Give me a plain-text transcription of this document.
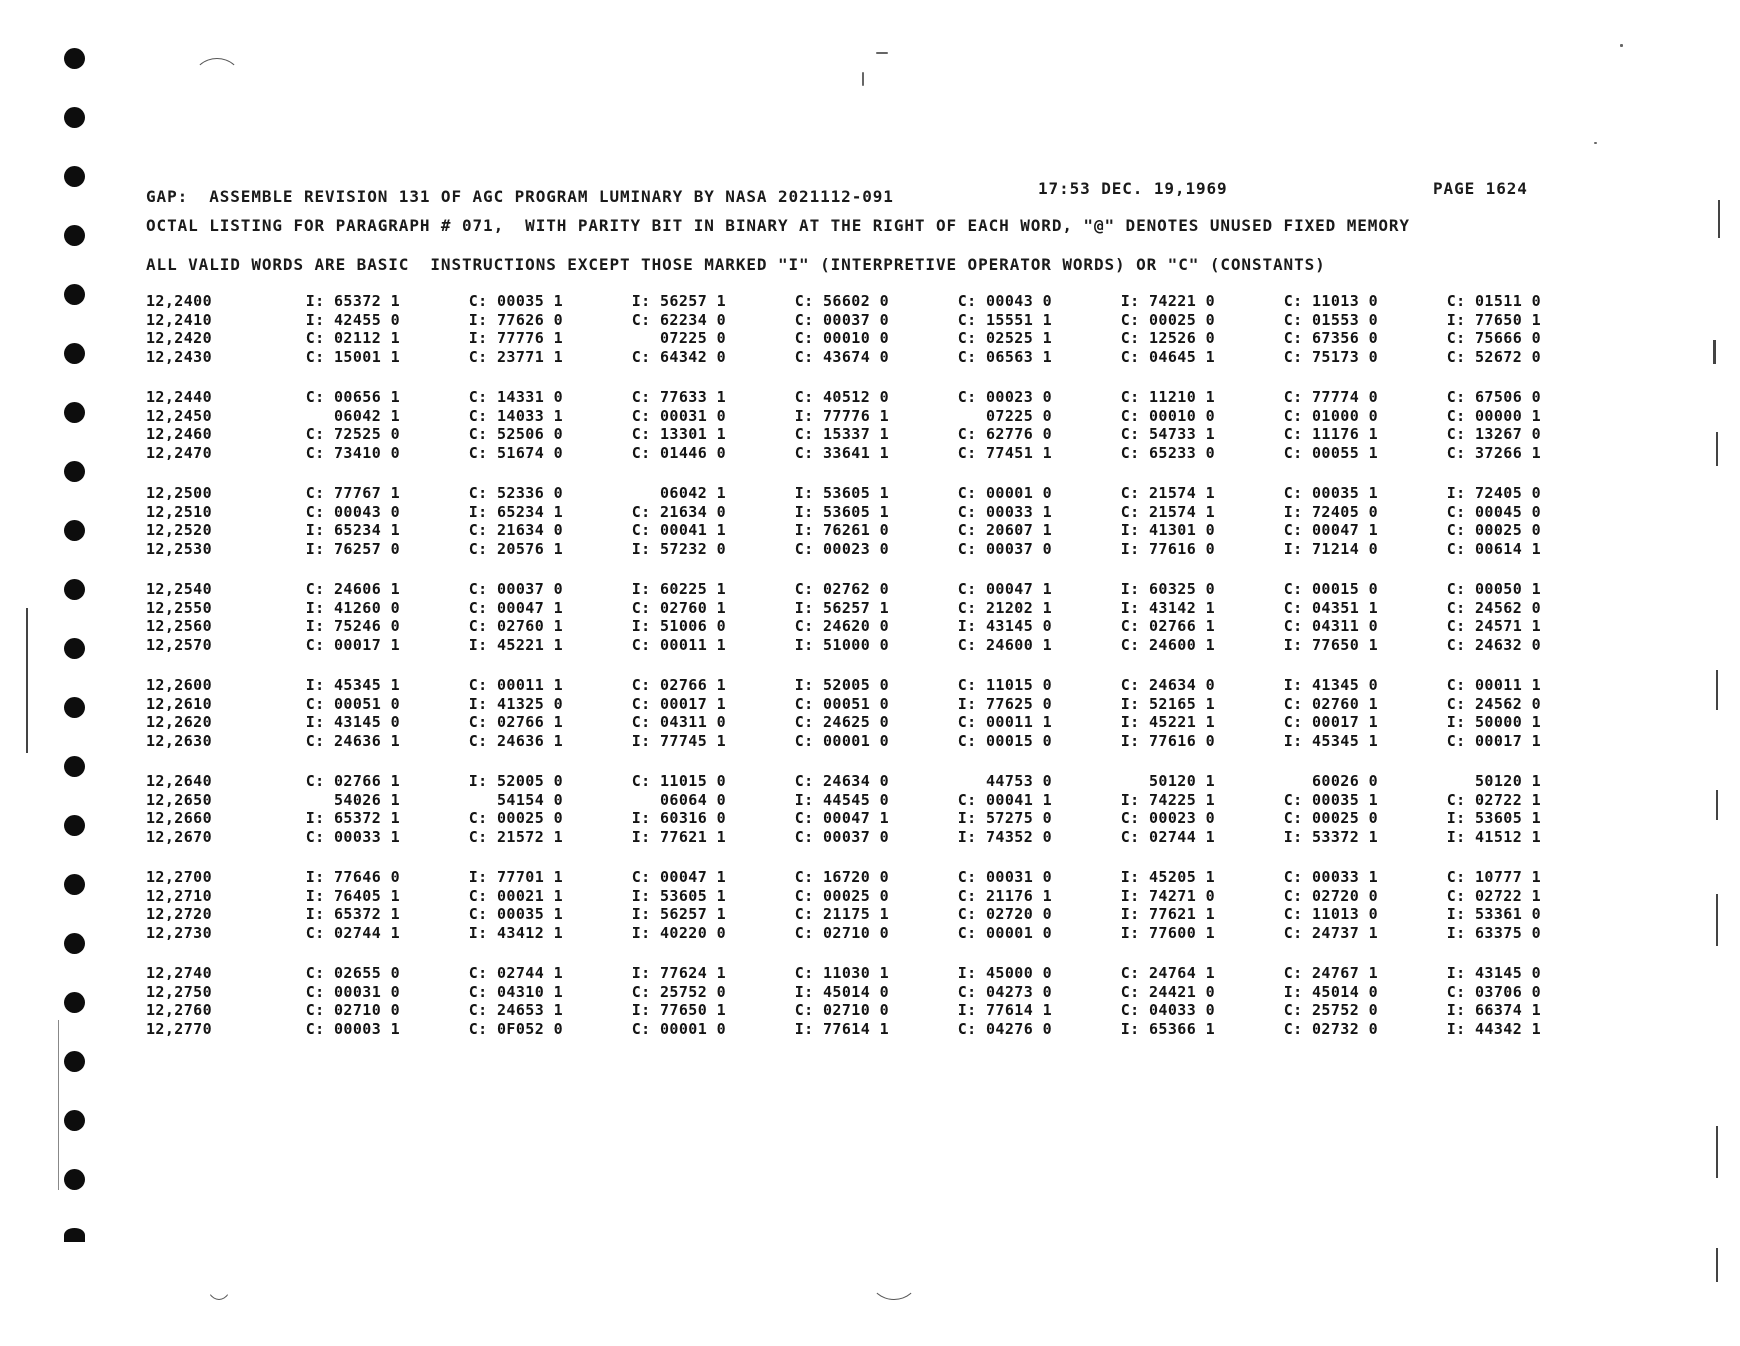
GAP:  ASSEMBLE REVISION 131 OF AGC PROGRAM LUMINARY BY NASA 2021112-091	17:53 DEC. 19,1969	PAGE 1624
OCTAL LISTING FOR PARAGRAPH # 071,  WITH PARITY BIT IN BINARY AT THE RIGHT OF EACH WORD, "@" DENOTES UNUSED FIXED MEMORY
ALL VALID WORDS ARE BASIC  INSTRUCTIONS EXCEPT THOSE MARKED "I" (INTERPRETIVE OPERATOR WORDS) OR "C" (CONSTANTS)
12,2400	I: 65372 1	C: 00035 1	I: 56257 1	C: 56602 0	C: 00043 0	I: 74221 0	C: 11013 0	C: 01511 0
12,2410	I: 42455 0	I: 77626 0	C: 62234 0	C: 00037 0	C: 15551 1	C: 00025 0	C: 01553 0	I: 77650 1
12,2420	C: 02112 1	I: 77776 1	07225 0	C: 00010 0	C: 02525 1	C: 12526 0	C: 67356 0	C: 75666 0
12,2430	C: 15001 1	C: 23771 1	C: 64342 0	C: 43674 0	C: 06563 1	C: 04645 1	C: 75173 0	C: 52672 0
12,2440	C: 00656 1	C: 14331 0	C: 77633 1	C: 40512 0	C: 00023 0	C: 11210 1	C: 77774 0	C: 67506 0
12,2450	06042 1	C: 14033 1	C: 00031 0	I: 77776 1	07225 0	C: 00010 0	C: 01000 0	C: 00000 1
12,2460	C: 72525 0	C: 52506 0	C: 13301 1	C: 15337 1	C: 62776 0	C: 54733 1	C: 11176 1	C: 13267 0
12,2470	C: 73410 0	C: 51674 0	C: 01446 0	C: 33641 1	C: 77451 1	C: 65233 0	C: 00055 1	C: 37266 1
12,2500	C: 77767 1	C: 52336 0	06042 1	I: 53605 1	C: 00001 0	C: 21574 1	C: 00035 1	I: 72405 0
12,2510	C: 00043 0	I: 65234 1	C: 21634 0	I: 53605 1	C: 00033 1	C: 21574 1	I: 72405 0	C: 00045 0
12,2520	I: 65234 1	C: 21634 0	C: 00041 1	I: 76261 0	C: 20607 1	I: 41301 0	C: 00047 1	C: 00025 0
12,2530	I: 76257 0	C: 20576 1	I: 57232 0	C: 00023 0	C: 00037 0	I: 77616 0	I: 71214 0	C: 00614 1
12,2540	C: 24606 1	C: 00037 0	I: 60225 1	C: 02762 0	C: 00047 1	I: 60325 0	C: 00015 0	C: 00050 1
12,2550	I: 41260 0	C: 00047 1	C: 02760 1	I: 56257 1	C: 21202 1	I: 43142 1	C: 04351 1	C: 24562 0
12,2560	I: 75246 0	C: 02760 1	I: 51006 0	C: 24620 0	I: 43145 0	C: 02766 1	C: 04311 0	C: 24571 1
12,2570	C: 00017 1	I: 45221 1	C: 00011 1	I: 51000 0	C: 24600 1	C: 24600 1	I: 77650 1	C: 24632 0
12,2600	I: 45345 1	C: 00011 1	C: 02766 1	I: 52005 0	C: 11015 0	C: 24634 0	I: 41345 0	C: 00011 1
12,2610	C: 00051 0	I: 41325 0	C: 00017 1	C: 00051 0	I: 77625 0	I: 52165 1	C: 02760 1	C: 24562 0
12,2620	I: 43145 0	C: 02766 1	C: 04311 0	C: 24625 0	C: 00011 1	I: 45221 1	C: 00017 1	I: 50000 1
12,2630	C: 24636 1	C: 24636 1	I: 77745 1	C: 00001 0	C: 00015 0	I: 77616 0	I: 45345 1	C: 00017 1
12,2640	C: 02766 1	I: 52005 0	C: 11015 0	C: 24634 0	44753 0	50120 1	60026 0	50120 1
12,2650	54026 1	54154 0	06064 0	I: 44545 0	C: 00041 1	I: 74225 1	C: 00035 1	C: 02722 1
12,2660	I: 65372 1	C: 00025 0	I: 60316 0	C: 00047 1	I: 57275 0	C: 00023 0	C: 00025 0	I: 53605 1
12,2670	C: 00033 1	C: 21572 1	I: 77621 1	C: 00037 0	I: 74352 0	C: 02744 1	I: 53372 1	I: 41512 1
12,2700	I: 77646 0	I: 77701 1	C: 00047 1	C: 16720 0	C: 00031 0	I: 45205 1	C: 00033 1	C: 10777 1
12,2710	I: 76405 1	C: 00021 1	I: 53605 1	C: 00025 0	C: 21176 1	I: 74271 0	C: 02720 0	C: 02722 1
12,2720	I: 65372 1	C: 00035 1	I: 56257 1	C: 21175 1	C: 02720 0	I: 77621 1	C: 11013 0	I: 53361 0
12,2730	C: 02744 1	I: 43412 1	I: 40220 0	C: 02710 0	C: 00001 0	I: 77600 1	C: 24737 1	I: 63375 0
12,2740	C: 02655 0	C: 02744 1	I: 77624 1	C: 11030 1	I: 45000 0	C: 24764 1	C: 24767 1	I: 43145 0
12,2750	C: 00031 0	C: 04310 1	C: 25752 0	I: 45014 0	C: 04273 0	C: 24421 0	I: 45014 0	C: 03706 0
12,2760	C: 02710 0	C: 24653 1	I: 77650 1	C: 02710 0	I: 77614 1	C: 04033 0	C: 25752 0	I: 66374 1
12,2770	C: 00003 1	C: 0F052 0	C: 00001 0	I: 77614 1	C: 04276 0	I: 65366 1	C: 02732 0	I: 44342 1
